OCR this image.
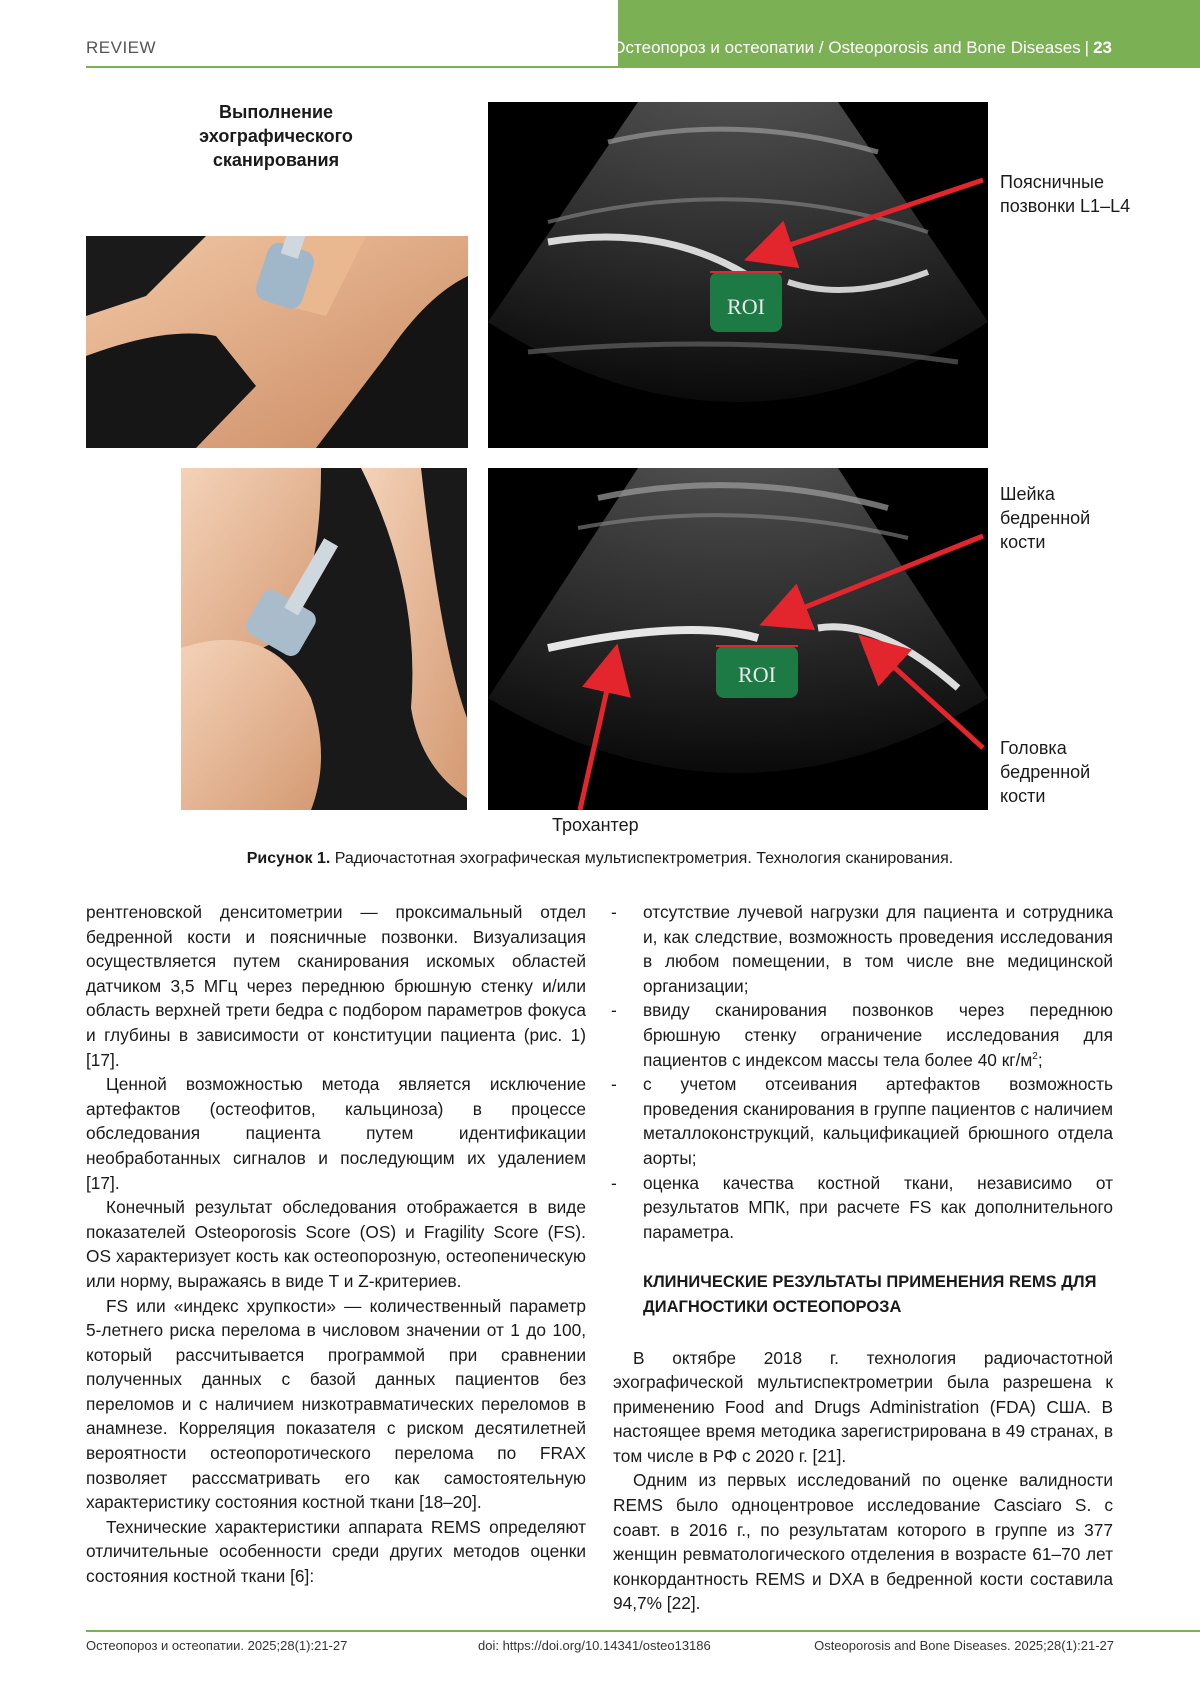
REVIEW	Остеопороз и остеопатии / Osteoporosis and Bone Diseases | 23
Выполнение эхографического сканирования
ROI
ROI
Поясничные позвонки L1–L4
Шейка бедренной кости
Головка бедренной кости
Трохантер
Рисунок 1. Радиочастотная эхографическая мультиспектрометрия. Технология сканирования.

рентгеновской денситометрии — проксимальный отдел бедренной кости и поясничные позвонки. Визуализация осуществляется путем сканирования искомых областей датчиком 3,5 МГц через переднюю брюшную стенку и/или область верхней трети бедра с подбором параметров фокуса и глубины в зависимости от конституции пациента (рис. 1) [17].

Ценной возможностью метода является исключение артефактов (остеофитов, кальциноза) в процессе обследования пациента путем идентификации необработанных сигналов и последующим их удалением [17].

Конечный результат обследования отображается в виде показателей Osteoporosis Score (OS) и Fragility Score (FS). OS характеризует кость как остеопорозную, остеопеническую или норму, выражаясь в виде T и Z-критериев.

FS или «индекс хрупкости» — количественный параметр 5-летнего риска перелома в числовом значении от 1 до 100, который рассчитывается программой при сравнении полученных данных с базой данных пациентов без переломов и с наличием низкотравматических переломов в анамнезе. Корреляция показателя с риском десятилетней вероятности остеопоротического перелома по FRAX позволяет расссматривать его как самостоятельную характеристику состояния костной ткани [18–20].

Технические характеристики аппарата REMS определяют отличительные особенности среди других методов оценки состояния костной ткани [6]:

- отсутствие лучевой нагрузки для пациента и сотрудника и, как следствие, возможность проведения исследования в любом помещении, в том числе вне медицинской организации;
- ввиду сканирования позвонков через переднюю брюшную стенку ограничение исследования для пациентов с индексом массы тела более 40 $кг/м^2$;
- с учетом отсеивания артефактов возможность проведения сканирования в группе пациентов с наличием металлоконструкций, кальцификацией брюшного отдела аорты;
- оценка качества костной ткани, независимо от результатов МПК, при расчете FS как дополнительного параметра.
КЛИНИЧЕСКИЕ РЕЗУЛЬТАТЫ ПРИМЕНЕНИЯ REMS ДЛЯ ДИАГНОСТИКИ ОСТЕОПОРОЗА

В октябре 2018 г. технология радиочастотной эхографической мультиспектрометрии была разрешена к применению Food and Drugs Administration (FDA) США. В настоящее время методика зарегистрирована в 49 странах, в том числе в РФ с 2020 г. [21].

Одним из первых исследований по оценке валидности REMS было одноцентровое исследование Casciaro S. с соавт. в 2016 г., по результатам которого в группе из 377 женщин ревматологического отделения в возрасте 61–70 лет конкордантность REMS и DXA в бедренной кости составила 94,7% [22].

Остеопороз и остеопатии. 2025;28(1):21-27	doi: https://doi.org/10.14341/osteo13186	Osteoporosis and Bone Diseases. 2025;28(1):21-27
